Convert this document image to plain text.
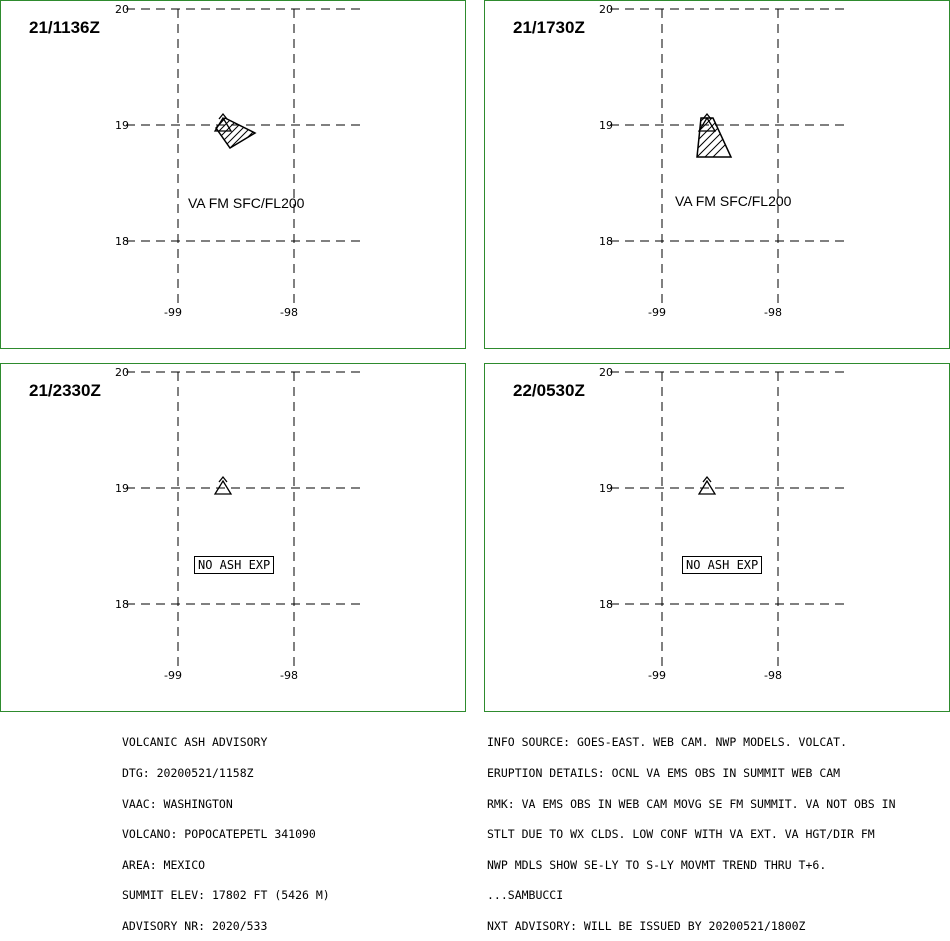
20
19
18
-99	-98
VA FM SFC/FL200
21/1136Z
20
19
18
-99	-98
VA FM SFC/FL200
21/1730Z
20
19
18
-99	-98
21/2330Z
NO ASH EXP
20
19
18
-99	-98
22/0530Z
NO ASH EXP

VOLCANIC ASH ADVISORY

DTG: 20200521/1158Z

VAAC: WASHINGTON

VOLCANO: POPOCATEPETL 341090

AREA: MEXICO

SUMMIT ELEV: 17802 FT (5426 M)

ADVISORY NR: 2020/533

INFO SOURCE: GOES-EAST. WEB CAM. NWP MODELS. VOLCAT.

ERUPTION DETAILS: OCNL VA EMS OBS IN SUMMIT WEB CAM

RMK: VA EMS OBS IN WEB CAM MOVG SE FM SUMMIT. VA NOT OBS IN

STLT DUE TO WX CLDS. LOW CONF WITH VA EXT. VA HGT/DIR FM

NWP MDLS SHOW SE-LY TO S-LY MOVMT TREND THRU T+6.

...SAMBUCCI

NXT ADVISORY: WILL BE ISSUED BY 20200521/1800Z
